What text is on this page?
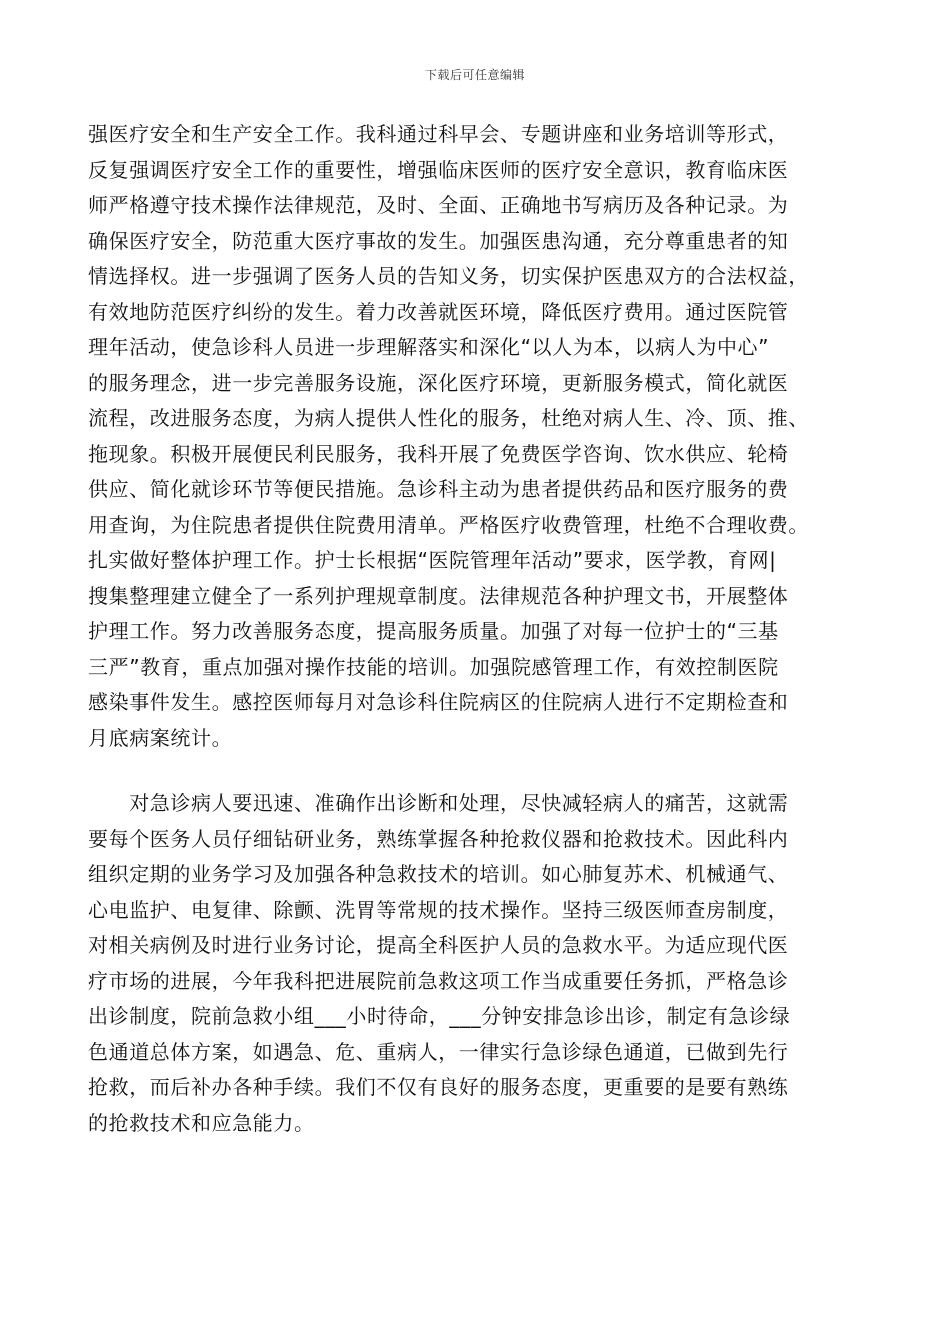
下载后可任意编辑
强医疗安全和生产安全工作。我科通过科早会、专题讲座和业务培训等形式，
反复强调医疗安全工作的重要性，增强临床医师的医疗安全意识，教育临床医
师严格遵守技术操作法律规范，及时、全面、正确地书写病历及各种记录。为
确保医疗安全，防范重大医疗事故的发生。加强医患沟通，充分尊重患者的知
情选择权。进一步强调了医务人员的告知义务，切实保护医患双方的合法权益，
有效地防范医疗纠纷的发生。着力改善就医环境，降低医疗费用。通过医院管
理年活动，使急诊科人员进一步理解落实和深化“以人为本，以病人为中心”
的服务理念，进一步完善服务设施，深化医疗环境，更新服务模式，简化就医
流程，改进服务态度，为病人提供人性化的服务，杜绝对病人生、冷、顶、推、
拖现象。积极开展便民利民服务，我科开展了免费医学咨询、饮水供应、轮椅
供应、简化就诊环节等便民措施。急诊科主动为患者提供药品和医疗服务的费
用查询，为住院患者提供住院费用清单。严格医疗收费管理，杜绝不合理收费。
扎实做好整体护理工作。护士长根据“医院管理年活动”要求，医学教，育网|
搜集整理建立健全了一系列护理规章制度。法律规范各种护理文书，开展整体
护理工作。努力改善服务态度，提高服务质量。加强了对每一位护士的“三基
三严”教育，重点加强对操作技能的培训。加强院感管理工作，有效控制医院
感染事件发生。感控医师每月对急诊科住院病区的住院病人进行不定期检查和
月底病案统计。
　　对急诊病人要迅速、准确作出诊断和处理，尽快减轻病人的痛苦，这就需
要每个医务人员仔细钻研业务，熟练掌握各种抢救仪器和抢救技术。因此科内
组织定期的业务学习及加强各种急救技术的培训。如心肺复苏术、机械通气、
心电监护、电复律、除颤、洗胃等常规的技术操作。坚持三级医师查房制度，
对相关病例及时进行业务讨论，提高全科医护人员的急救水平。为适应现代医
疗市场的进展，今年我科把进展院前急救这项工作当成重要任务抓，严格急诊
出诊制度，院前急救小组___小时待命，___分钟安排急诊出诊，制定有急诊绿
色通道总体方案，如遇急、危、重病人，一律实行急诊绿色通道，已做到先行
抢救，而后补办各种手续。我们不仅有良好的服务态度，更重要的是要有熟练
的抢救技术和应急能力。
